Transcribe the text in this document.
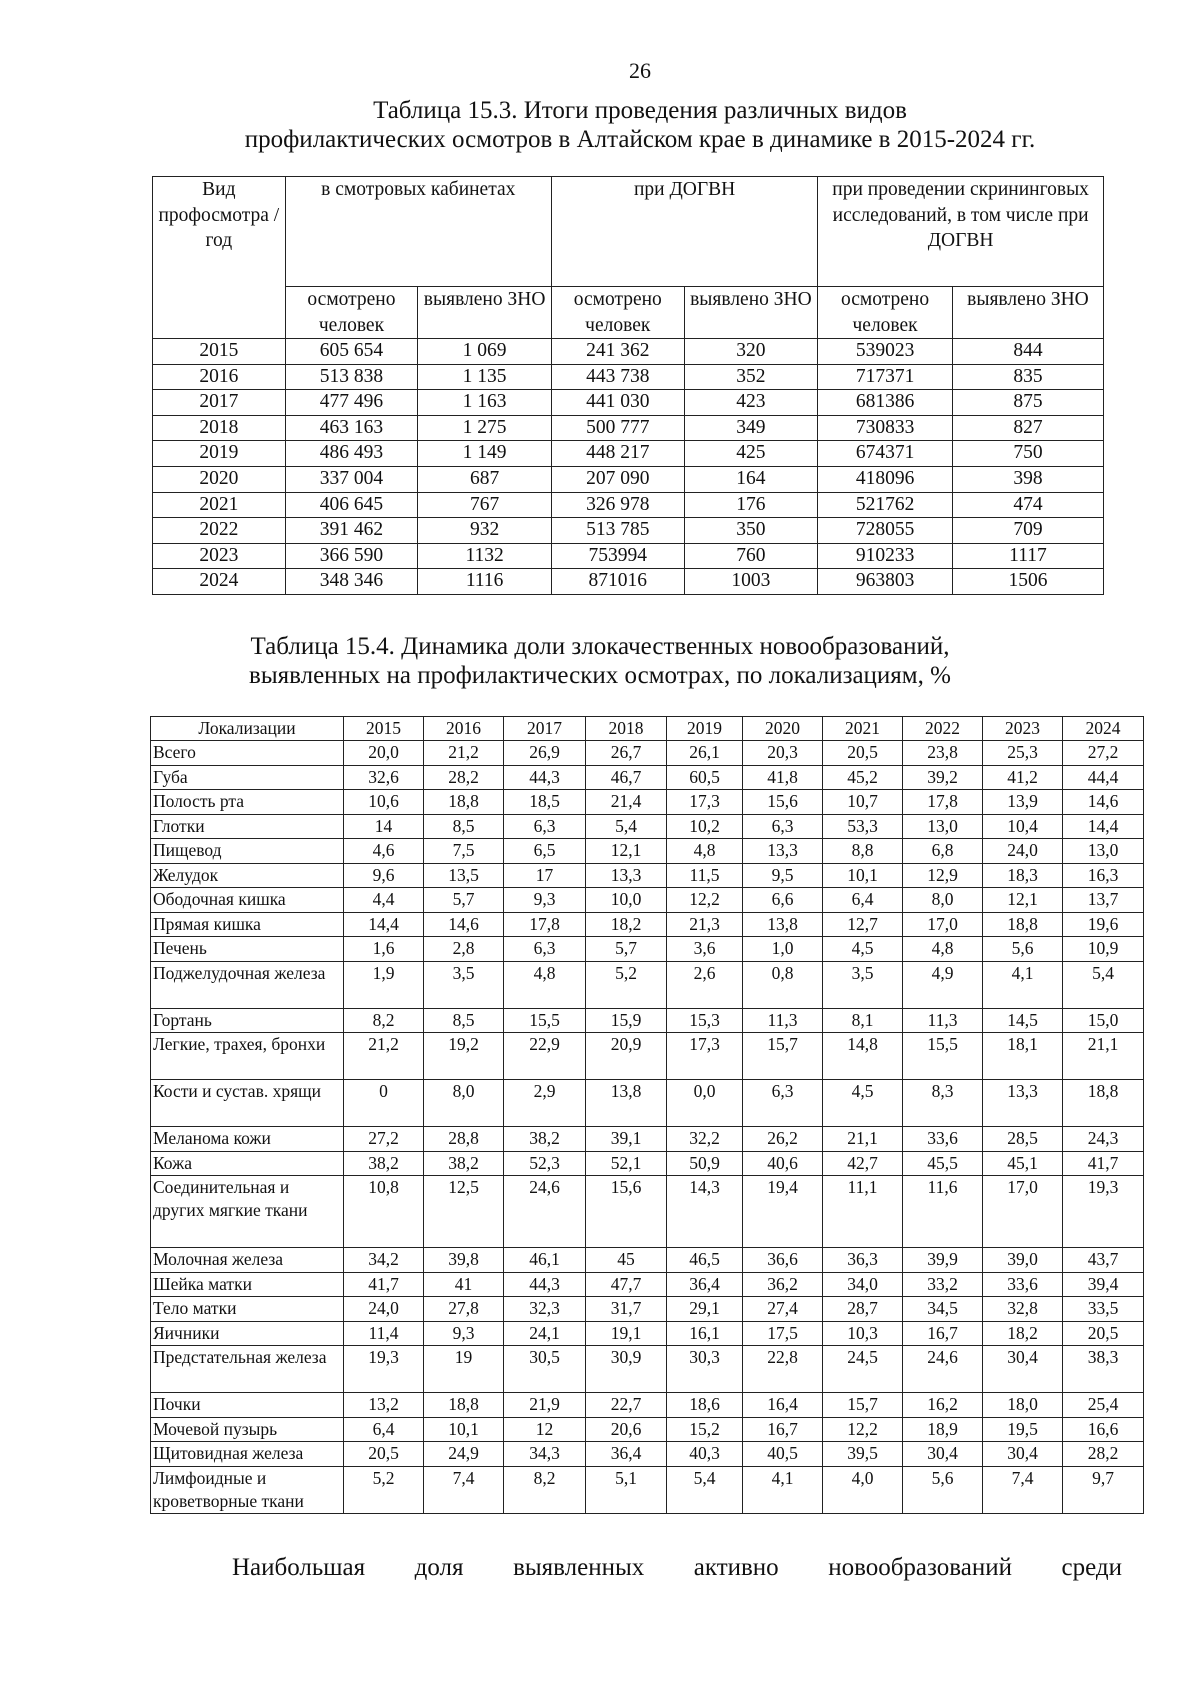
26
Таблица 15.3. Итоги проведения различных видов
профилактических осмотров в Алтайском крае в динамике в 2015-2024 гг.
Вид профосмотра / год	в смотровых кабинетах		при ДОГВН		при проведении скрининговых исследований, в том числе при ДОГВН	
	осмотрено человек	выявлено ЗНО	осмотрено человек	выявлено ЗНО	осмотрено человек	выявлено ЗНО
2015	605 654	1 069	241 362	320	539023	844
2016	513 838	1 135	443 738	352	717371	835
2017	477 496	1 163	441 030	423	681386	875
2018	463 163	1 275	500 777	349	730833	827
2019	486 493	1 149	448 217	425	674371	750
2020	337 004	687	207 090	164	418096	398
2021	406 645	767	326 978	176	521762	474
2022	391 462	932	513 785	350	728055	709
2023	366 590	1132	753994	760	910233	1117
2024	348 346	1116	871016	1003	963803	1506
Таблица 15.4. Динамика доли злокачественных новообразований,
выявленных на профилактических осмотрах, по локализациям, %
Локализации	2015	2016	2017	2018	2019	2020	2021	2022	2023	2024
Всего	20,0	21,2	26,9	26,7	26,1	20,3	20,5	23,8	25,3	27,2
Губа	32,6	28,2	44,3	46,7	60,5	41,8	45,2	39,2	41,2	44,4
Полость рта	10,6	18,8	18,5	21,4	17,3	15,6	10,7	17,8	13,9	14,6
Глотки	14	8,5	6,3	5,4	10,2	6,3	53,3	13,0	10,4	14,4
Пищевод	4,6	7,5	6,5	12,1	4,8	13,3	8,8	6,8	24,0	13,0
Желудок	9,6	13,5	17	13,3	11,5	9,5	10,1	12,9	18,3	16,3
Ободочная кишка	4,4	5,7	9,3	10,0	12,2	6,6	6,4	8,0	12,1	13,7
Прямая кишка	14,4	14,6	17,8	18,2	21,3	13,8	12,7	17,0	18,8	19,6
Печень	1,6	2,8	6,3	5,7	3,6	1,0	4,5	4,8	5,6	10,9
Поджелудочная железа	1,9	3,5	4,8	5,2	2,6	0,8	3,5	4,9	4,1	5,4
Гортань	8,2	8,5	15,5	15,9	15,3	11,3	8,1	11,3	14,5	15,0
Легкие, трахея, бронхи	21,2	19,2	22,9	20,9	17,3	15,7	14,8	15,5	18,1	21,1
Кости и сустав. хрящи	0	8,0	2,9	13,8	0,0	6,3	4,5	8,3	13,3	18,8
Меланома кожи	27,2	28,8	38,2	39,1	32,2	26,2	21,1	33,6	28,5	24,3
Кожа	38,2	38,2	52,3	52,1	50,9	40,6	42,7	45,5	45,1	41,7
Соединительная и других мягкие ткани	10,8	12,5	24,6	15,6	14,3	19,4	11,1	11,6	17,0	19,3
Молочная железа	34,2	39,8	46,1	45	46,5	36,6	36,3	39,9	39,0	43,7
Шейка матки	41,7	41	44,3	47,7	36,4	36,2	34,0	33,2	33,6	39,4
Тело матки	24,0	27,8	32,3	31,7	29,1	27,4	28,7	34,5	32,8	33,5
Яичники	11,4	9,3	24,1	19,1	16,1	17,5	10,3	16,7	18,2	20,5
Предстательная железа	19,3	19	30,5	30,9	30,3	22,8	24,5	24,6	30,4	38,3
Почки	13,2	18,8	21,9	22,7	18,6	16,4	15,7	16,2	18,0	25,4
Мочевой пузырь	6,4	10,1	12	20,6	15,2	16,7	12,2	18,9	19,5	16,6
Щитовидная железа	20,5	24,9	34,3	36,4	40,3	40,5	39,5	30,4	30,4	28,2
Лимфоидные и кроветворные ткани	5,2	7,4	8,2	5,1	5,4	4,1	4,0	5,6	7,4	9,7
Наибольшая доля выявленных активно новообразований среди
